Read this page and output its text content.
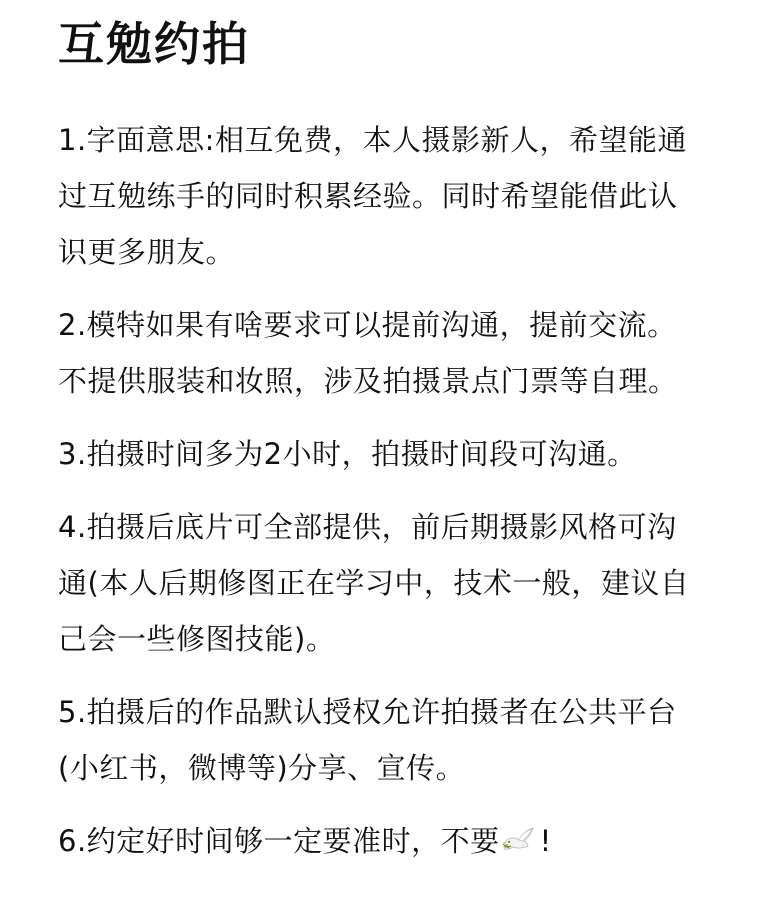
互勉约拍
1.字面意思:相互免费，本人摄影新人，希望能通
过互勉练手的同时积累经验。同时希望能借此认
识更多朋友。
2.模特如果有啥要求可以提前沟通，提前交流。
不提供服装和妆照，涉及拍摄景点门票等自理。
3.拍摄时间多为2小时，拍摄时间段可沟通。
4.拍摄后底片可全部提供，前后期摄影风格可沟
通(本人后期修图正在学习中，技术一般，建议自
己会一些修图技能)。
5.拍摄后的作品默认授权允许拍摄者在公共平台
(小红书，微博等)分享、宣传。
6.约定好时间够一定要准时，不要 !
